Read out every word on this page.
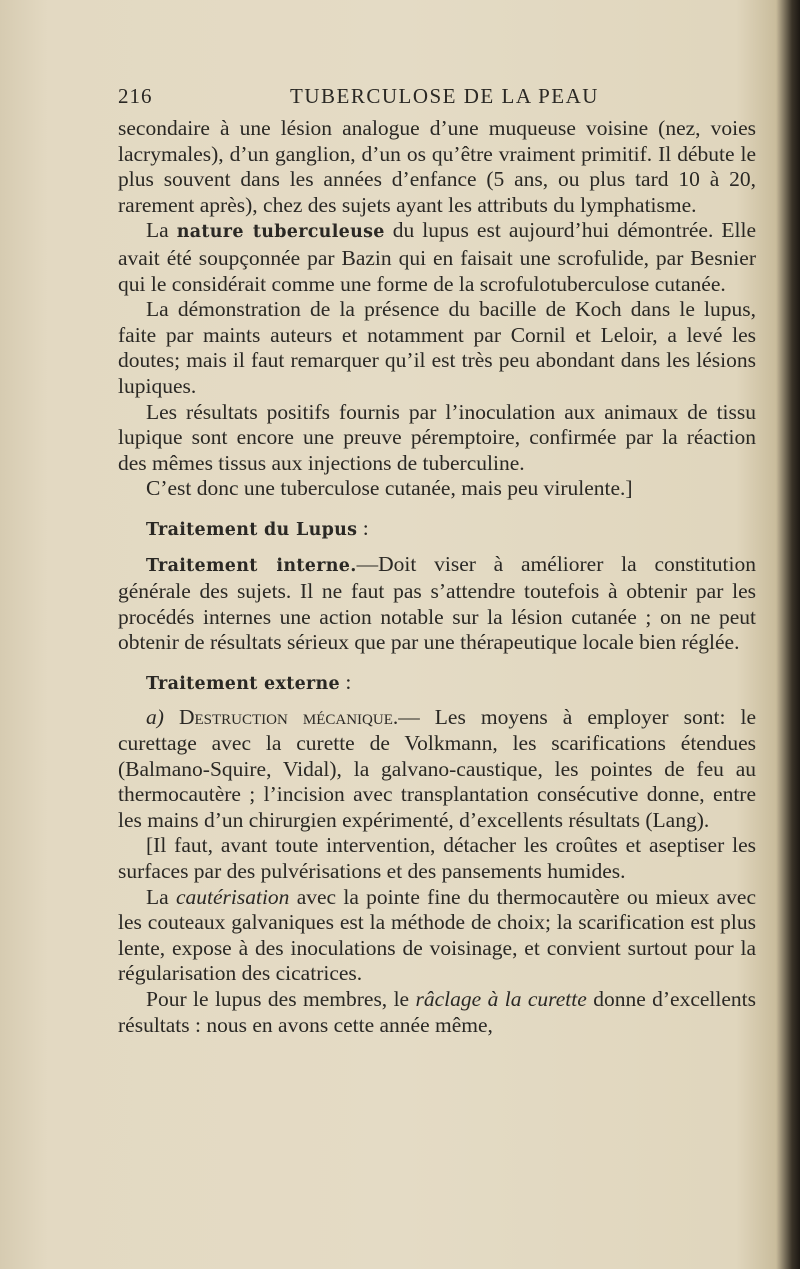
216	TUBERCULOSE DE LA PEAU

secondaire à une lésion analogue d’une muqueuse voisine (nez, voies lacrymales), d’un ganglion, d’un os qu’être vraiment primitif. Il débute le plus souvent dans les années d’enfance (5 ans, ou plus tard 10 à 20, rarement après), chez des sujets ayant les attributs du lymphatisme.

La nature tuberculeuse du lupus est aujourd’hui démontrée. Elle avait été soupçonnée par Bazin qui en faisait une scrofulide, par Besnier qui le considérait comme une forme de la scrofulotuberculose cutanée.

La démonstration de la présence du bacille de Koch dans le lupus, faite par maints auteurs et notamment par Cornil et Leloir, a levé les doutes; mais il faut remarquer qu’il est très peu abondant dans les lésions lupiques.

Les résultats positifs fournis par l’inoculation aux animaux de tissu lupique sont encore une preuve péremptoire, confirmée par la réaction des mêmes tissus aux injections de tuberculine.

C’est donc une tuberculose cutanée, mais peu virulente.]

Traitement du Lupus :

Traitement interne.—Doit viser à améliorer la constitution générale des sujets. Il ne faut pas s’attendre toutefois à obtenir par les procédés internes une action notable sur la lésion cutanée ; on ne peut obtenir de résultats sérieux que par une thérapeutique locale bien réglée.

Traitement externe :

a) Destruction mécanique.— Les moyens à employer sont: le curettage avec la curette de Volkmann, les scarifications étendues (Balmano-Squire, Vidal), la galvano-caustique, les pointes de feu au thermocautère ; l’incision avec transplantation consécutive donne, entre les mains d’un chirurgien expérimenté, d’excellents résultats (Lang).

[Il faut, avant toute intervention, détacher les croûtes et aseptiser les surfaces par des pulvérisations et des pansements humides.

La cautérisation avec la pointe fine du thermocautère ou mieux avec les couteaux galvaniques est la méthode de choix; la scarification est plus lente, expose à des inoculations de voisinage, et convient surtout pour la régularisation des cicatrices.

Pour le lupus des membres, le râclage à la curette donne d’excellents résultats : nous en avons cette année même,
